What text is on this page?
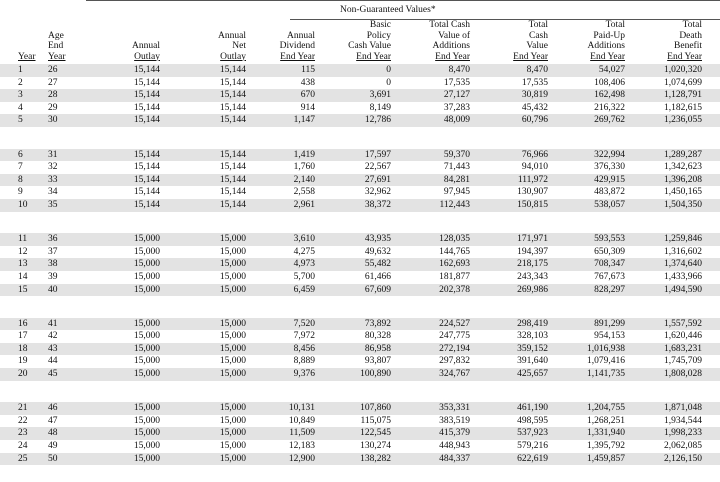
Non-Guaranteed Values*
Year
Age
End
Year
Annual
Outlay
Annual
Net
Outlay
Annual
Dividend
End Year
Basic
Policy
Cash Value
End Year
Total Cash
Value of
Additions
End Year
Total
Cash
Value
End Year
Total
Paid-Up
Additions
End Year
Total
Death
Benefit
End Year
1	26	15,144	15,144	115	0	8,470	8,470	54,027	1,020,320
2	27	15,144	15,144	438	0	17,535	17,535	108,406	1,074,699
3	28	15,144	15,144	670	3,691	27,127	30,819	162,498	1,128,791
4	29	15,144	15,144	914	8,149	37,283	45,432	216,322	1,182,615
5	30	15,144	15,144	1,147	12,786	48,009	60,796	269,762	1,236,055
6	31	15,144	15,144	1,419	17,597	59,370	76,966	322,994	1,289,287
7	32	15,144	15,144	1,760	22,567	71,443	94,010	376,330	1,342,623
8	33	15,144	15,144	2,140	27,691	84,281	111,972	429,915	1,396,208
9	34	15,144	15,144	2,558	32,962	97,945	130,907	483,872	1,450,165
10 35	15,144	15,144	2,961	38,372	112,443	150,815	538,057	1,504,350
11 36	15,000	15,000	3,610	43,935	128,035	171,971	593,553	1,259,846
12 37	15,000	15,000	4,275	49,632	144,765	194,397	650,309	1,316,602
13 38	15,000	15,000	4,973	55,482	162,693	218,175	708,347	1,374,640
14 39	15,000	15,000	5,700	61,466	181,877	243,343	767,673	1,433,966
15 40	15,000	15,000	6,459	67,609	202,378	269,986	828,297	1,494,590
16 41	15,000	15,000	7,520	73,892	224,527	298,419	891,299	1,557,592
17 42	15,000	15,000	7,972	80,328	247,775	328,103	954,153	1,620,446
18 43	15,000	15,000	8,456	86,958	272,194	359,152	1,016,938	1,683,231
19 44	15,000	15,000	8,889	93,807	297,832	391,640	1,079,416	1,745,709
20 45	15,000	15,000	9,376	100,890	324,767	425,657	1,141,735	1,808,028
21 46	15,000	15,000	10,131	107,860	353,331	461,190	1,204,755	1,871,048
22 47	15,000	15,000	10,849	115,075	383,519	498,595	1,268,251	1,934,544
23 48	15,000	15,000	11,509	122,545	415,379	537,923	1,331,940	1,998,233
24 49	15,000	15,000	12,183	130,274	448,943	579,216	1,395,792	2,062,085
25 50	15,000	15,000	12,900	138,282	484,337	622,619	1,459,857	2,126,150
